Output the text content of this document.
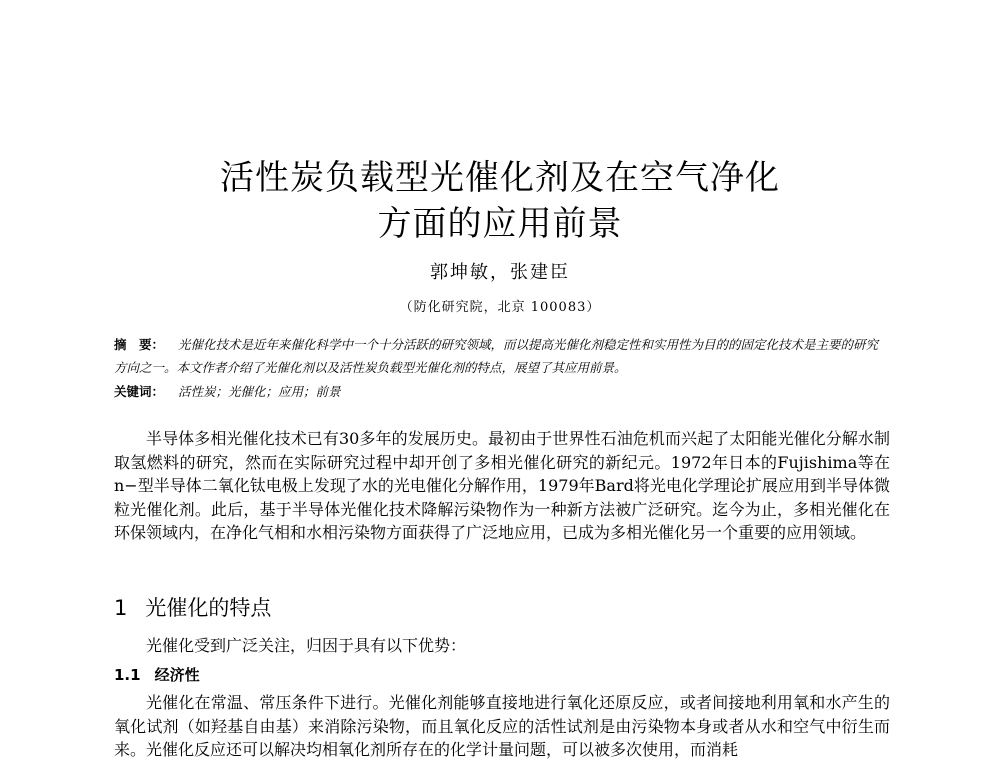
活性炭负载型光催化剂及在空气净化
方面的应用前景
郭坤敏，张建臣
（防化研究院，北京 100083）
摘　要： 光催化技术是近年来催化科学中一个十分活跃的研究领域，而以提高光催化剂稳定性和实用性为目的的固定化技术是主要的研究方向之一。本文作者介绍了光催化剂以及活性炭负载型光催化剂的特点，展望了其应用前景。
关键词： 活性炭；光催化；应用；前景
半导体多相光催化技术已有30多年的发展历史。最初由于世界性石油危机而兴起了太阳能光催化分解水制取氢燃料的研究，然而在实际研究过程中却开创了多相光催化研究的新纪元。1972年日本的Fujishima等在n−型半导体二氧化钛电极上发现了水的光电催化分解作用，1979年Bard将光电化学理论扩展应用到半导体微粒光催化剂。此后，基于半导体光催化技术降解污染物作为一种新方法被广泛研究。迄今为止，多相光催化在环保领域内，在净化气相和水相污染物方面获得了广泛地应用，已成为多相光催化另一个重要的应用领域。
1 光催化的特点
光催化受到广泛关注，归因于具有以下优势：
1.1 经济性
光催化在常温、常压条件下进行。光催化剂能够直接地进行氧化还原反应，或者间接地利用氧和水产生的氧化试剂（如羟基自由基）来消除污染物，而且氧化反应的活性试剂是由污染物本身或者从水和空气中衍生而来。光催化反应还可以解决均相氧化剂所存在的化学计量问题，可以被多次使用，而消耗
